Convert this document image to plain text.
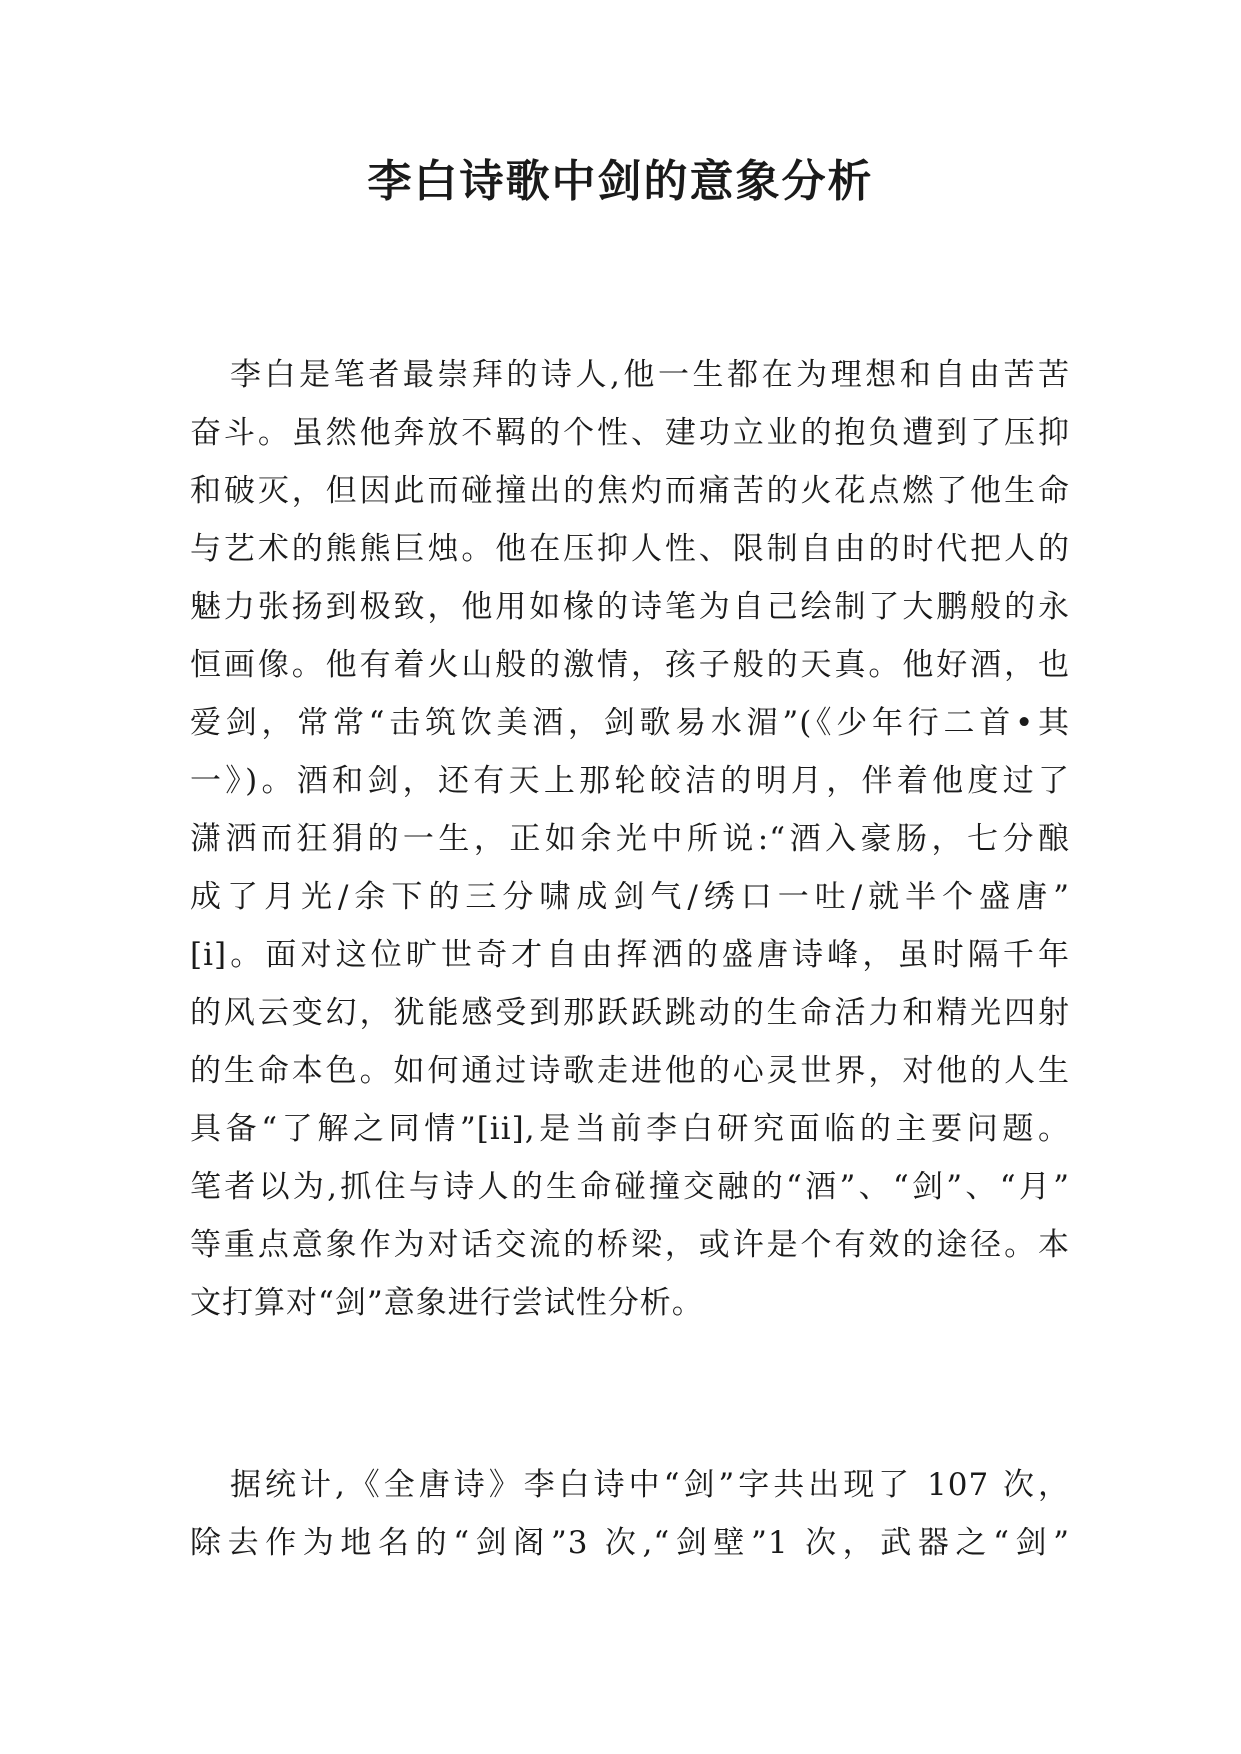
李白诗歌中剑的意象分析
李白是笔者最崇拜的诗人,他一生都在为理想和自由苦苦
奋斗。虽然他奔放不羁的个性、建功立业的抱负遭到了压抑
和破灭，但因此而碰撞出的焦灼而痛苦的火花点燃了他生命
与艺术的熊熊巨烛。他在压抑人性、限制自由的时代把人的
魅力张扬到极致，他用如椽的诗笔为自己绘制了大鹏般的永
恒画像。他有着火山般的激情，孩子般的天真。他好酒，也
爱剑，常常“击筑饮美酒，剑歌易水湄”(《少年行二首•其
一》)。酒和剑，还有天上那轮皎洁的明月，伴着他度过了
潇洒而狂狷的一生，正如余光中所说:“酒入豪肠，七分酿
成了月光/余下的三分啸成剑气/绣口一吐/就半个盛唐”
[i]。面对这位旷世奇才自由挥洒的盛唐诗峰，虽时隔千年
的风云变幻，犹能感受到那跃跃跳动的生命活力和精光四射
的生命本色。如何通过诗歌走进他的心灵世界，对他的人生
具备“了解之同情”[ii],是当前李白研究面临的主要问题。
笔者以为,抓住与诗人的生命碰撞交融的“酒”、“剑”、“月”
等重点意象作为对话交流的桥梁，或许是个有效的途径。本
文打算对“剑”意象进行尝试性分析。
据统计,《全唐诗》李白诗中“剑”字共出现了 107 次，
除去作为地名的“剑阁”3 次,“剑壁”1 次，武器之“剑”
